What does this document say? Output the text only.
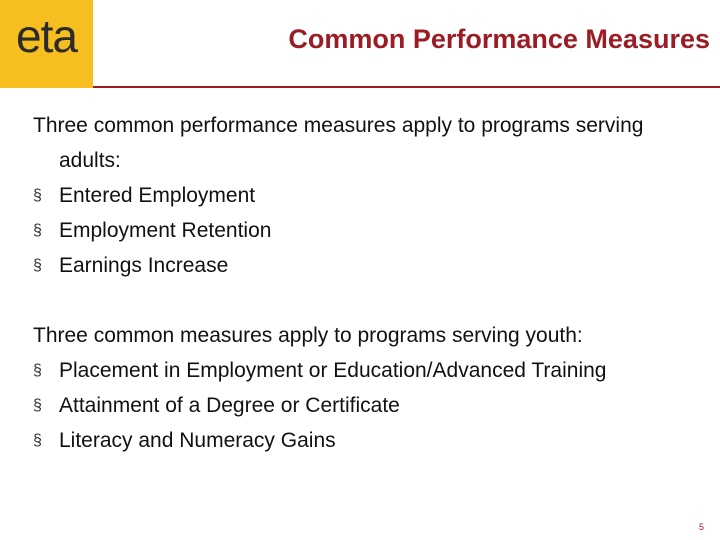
eta	Common Performance Measures
Three common performance measures apply to programs serving adults:
§ Entered Employment
§ Employment Retention
§ Earnings Increase
Three common measures apply to programs serving youth:
§ Placement in Employment or Education/Advanced Training
§ Attainment of a Degree or Certificate
§ Literacy and Numeracy Gains
5
